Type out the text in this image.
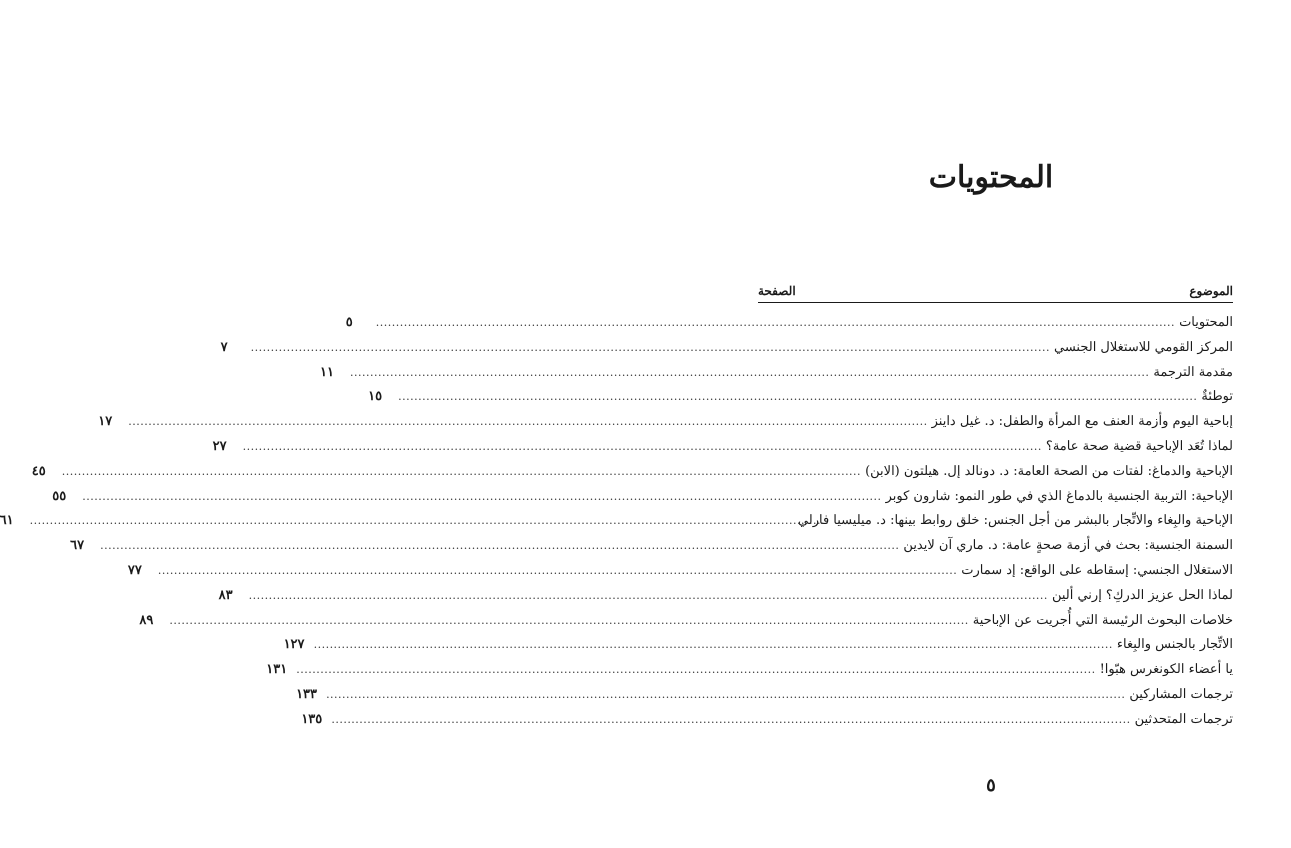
المحتويات
الموضوع
الصفحة
المحتويات
........................................................................................................................................................................................................
٥
المركز القومي للاستغلال الجنسي
........................................................................................................................................................................................................
٧
مقدمة الترجمة
........................................................................................................................................................................................................
١١
توطئةٌ
........................................................................................................................................................................................................
١٥
إباحية اليوم وأزمة العنف مع المرأة والطفل: د. غيل داينز
........................................................................................................................................................................................................
١٧
لماذا تُعَد الإباحية قضية صحة عامة؟
........................................................................................................................................................................................................
٢٧
الإباحية والدماغ: لفتات من الصحة العامة: د. دونالد إل. هيلتون (الابن)
........................................................................................................................................................................................................
٤٥
الإباحية: التربية الجنسية بالدماغ الذي في طور النمو: شارون كوبر
........................................................................................................................................................................................................
٥٥
الإباحية والبِغاء والاتِّجار بالبشر من أجل الجنس: خلق روابط بينها: د. ميليسيا فارلي
........................................................................................................................................................................................................
٦١
السمنة الجنسية: بحث في أزمة صحةٍ عامة: د. ماري آن لايدين
........................................................................................................................................................................................................
٦٧
الاستغلال الجنسي: إسقاطه على الواقع: إد سمارت
........................................................................................................................................................................................................
٧٧
لماذا الحل عزيز الدركِ؟ إرني ألين
........................................................................................................................................................................................................
٨٣
خلاصات البحوث الرئيسة التي أُجريت عن الإباحية
........................................................................................................................................................................................................
٨٩
الاتِّجار بالجنس والبِغاء
........................................................................................................................................................................................................
١٢٧
يا أعضاء الكونغرس هبّوا!
........................................................................................................................................................................................................
١٣١
ترجمات المشاركين
........................................................................................................................................................................................................
١٣٣
ترجمات المتحدثين
........................................................................................................................................................................................................
١٣٥
٥
